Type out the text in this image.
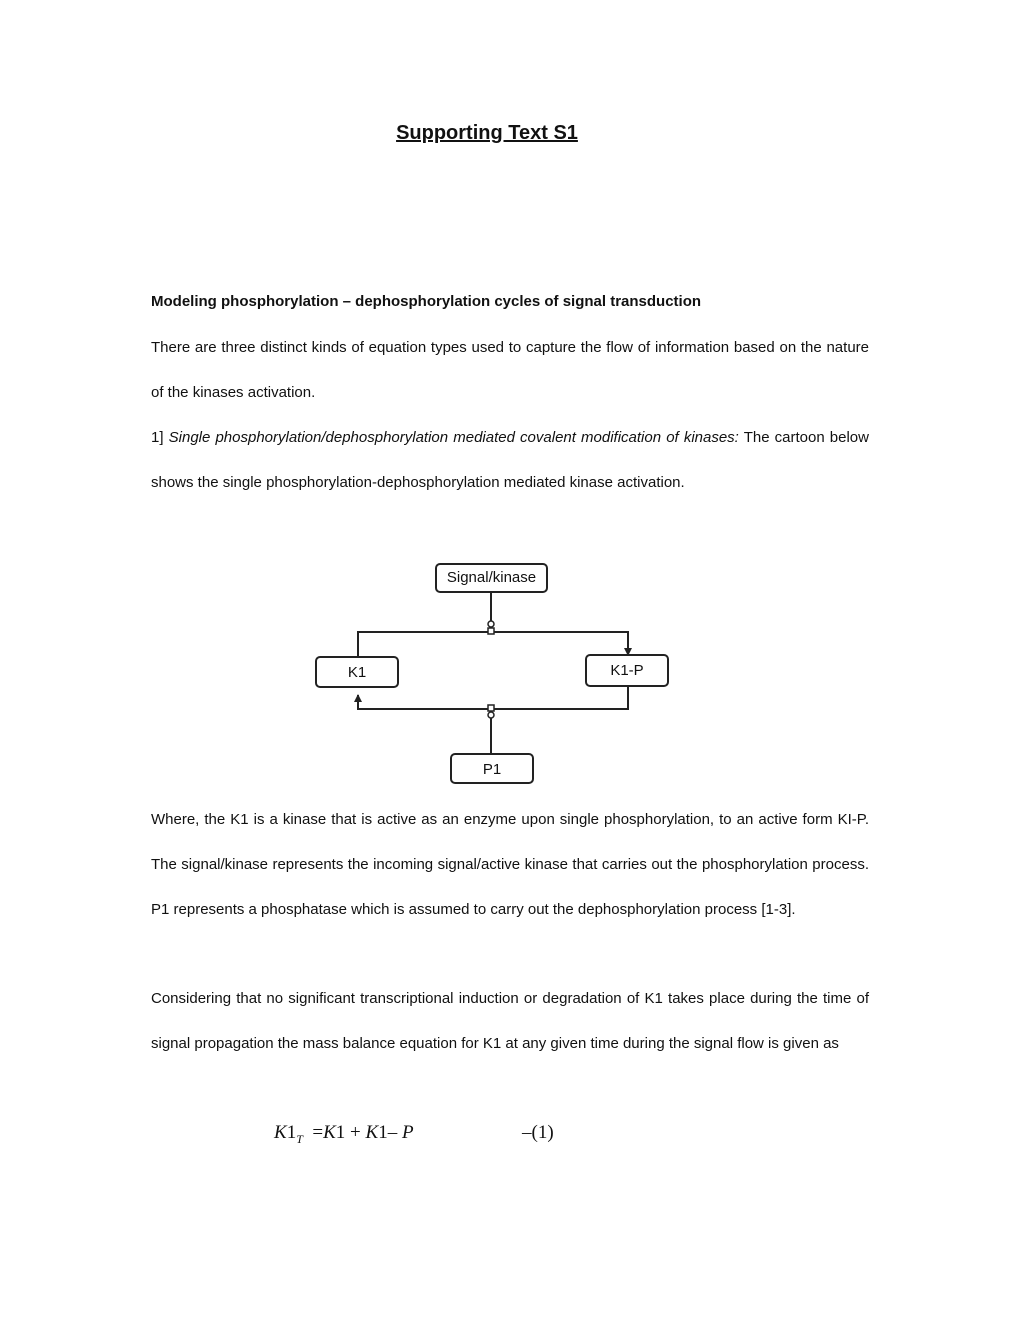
Supporting Text S1
Modeling phosphorylation – dephosphorylation cycles of signal transduction

There are three distinct kinds of equation types used to capture the flow of information based on the nature of the kinases activation.

1] Single phosphorylation/dephosphorylation mediated covalent modification of kinases: The cartoon below shows the single phosphorylation-dephosphorylation mediated kinase activation.

Signal/kinase
K1	K1-P
P1

Where, the K1 is a kinase that is active as an enzyme upon single phosphorylation, to an active form KI-P. The signal/kinase represents the incoming signal/active kinase that carries out the phosphorylation process. P1 represents a phosphatase which is assumed to carry out the dephosphorylation process [1-3].

Considering that no significant transcriptional induction or degradation of K1 takes place during the time of signal propagation the mass balance equation for K1 at any given time during the signal flow is given as

$K1_T =K1 + K1-$ P	–(1)
